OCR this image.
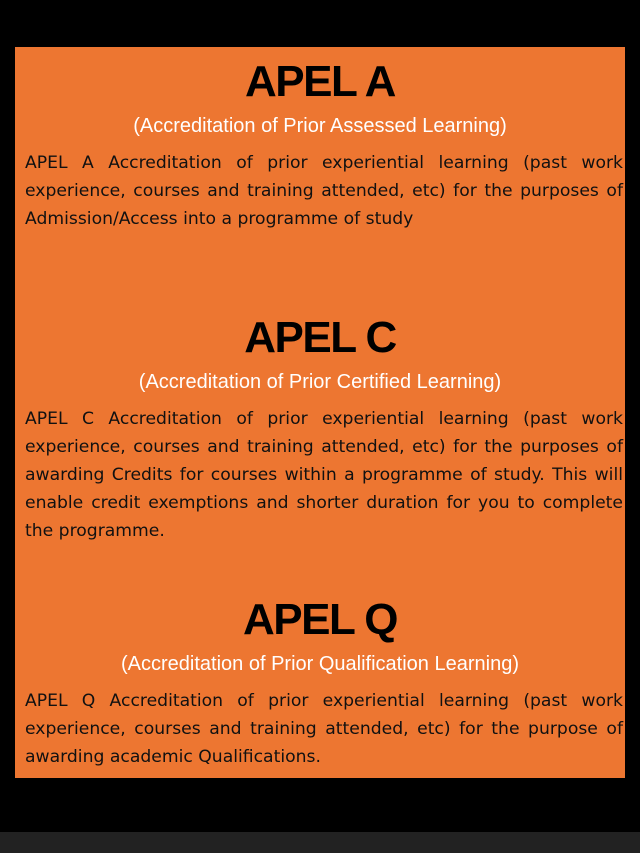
APEL A

(Accreditation of Prior Assessed Learning)

APEL A Accreditation of prior experiential learning (past work experience, courses and training attended, etc) for the purposes of Admission/Access into a programme of study

APEL C

(Accreditation of Prior Certified Learning)

APEL C Accreditation of prior experiential learning (past work experience, courses and training attended, etc) for the purposes of awarding Credits for courses within a programme of study. This will enable credit exemptions and shorter duration for you to complete the programme.

APEL Q

(Accreditation of Prior Qualification Learning)

APEL Q Accreditation of prior experiential learning (past work experience, courses and training attended, etc) for the purpose of awarding academic Qualifications.
